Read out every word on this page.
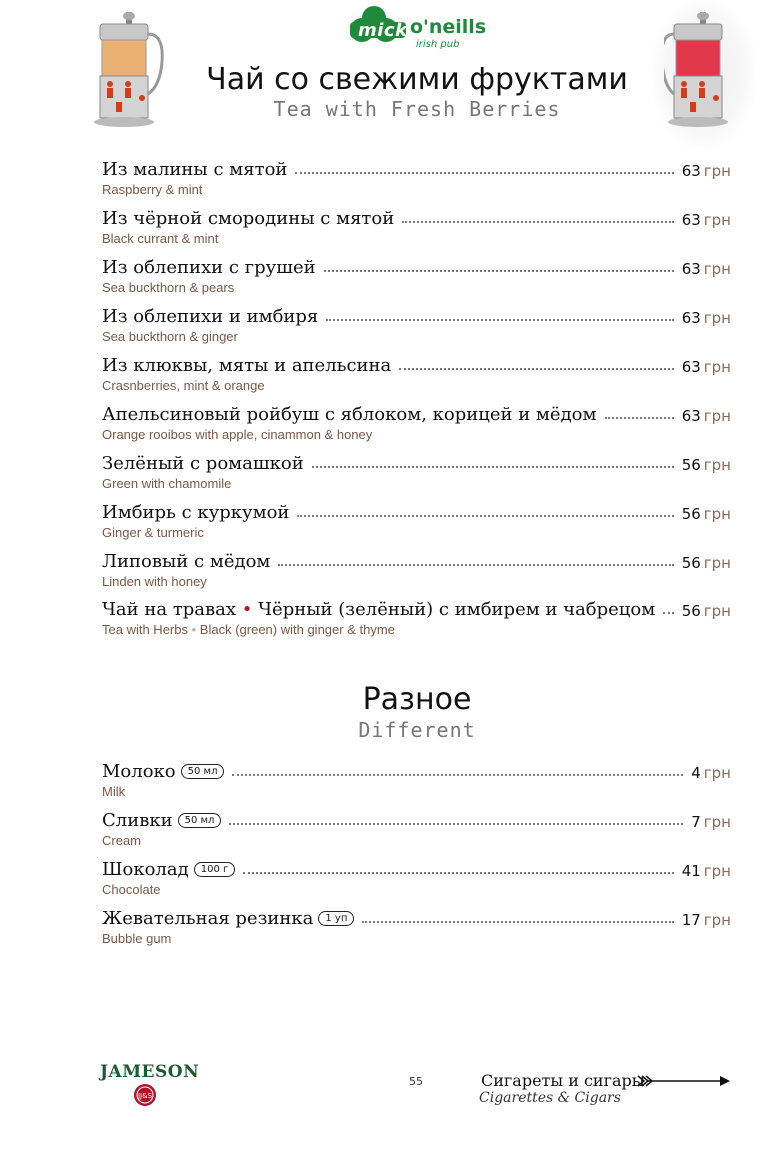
mick o'neills
irish pub
Чай со свежими фруктами
Tea with Fresh Berries
Из малины с мятой	63 грн
Raspberry & mint
Из чёрной смородины с мятой	63 грн
Black currant & mint
Из облепихи с грушей	63 грн
Sea buckthorn & pears
Из облепихи и имбиря	63 грн
Sea buckthorn & ginger
Из клюквы, мяты и апельсина	63 грн
Crasnberries, mint & orange
Апельсиновый ройбуш с яблоком, корицей и мёдом	63 грн
Orange rooibos with apple, cinammon & honey
Зелёный с ромашкой	56 грн
Green with chamomile
Имбирь с куркумой	56 грн
Ginger & turmeric
Липовый с мёдом	56 грн
Linden with honey
Чай на травах • Чёрный (зелёный) с имбирем и чабрецом 56 грн
Tea with Herbs • Black (green) with ginger & thyme
Разное
Different
Молоко	50 мл	4 грн
Milk
Сливки	50 мл	7 грн
Cream
Шоколад	100 г	41 грн
Chocolate
Жевательная резинка	1 уп	17 грн
Bubble gum
JAMESON
JJ&S
55	Сигареты и сигары
Cigarettes & Cigars
